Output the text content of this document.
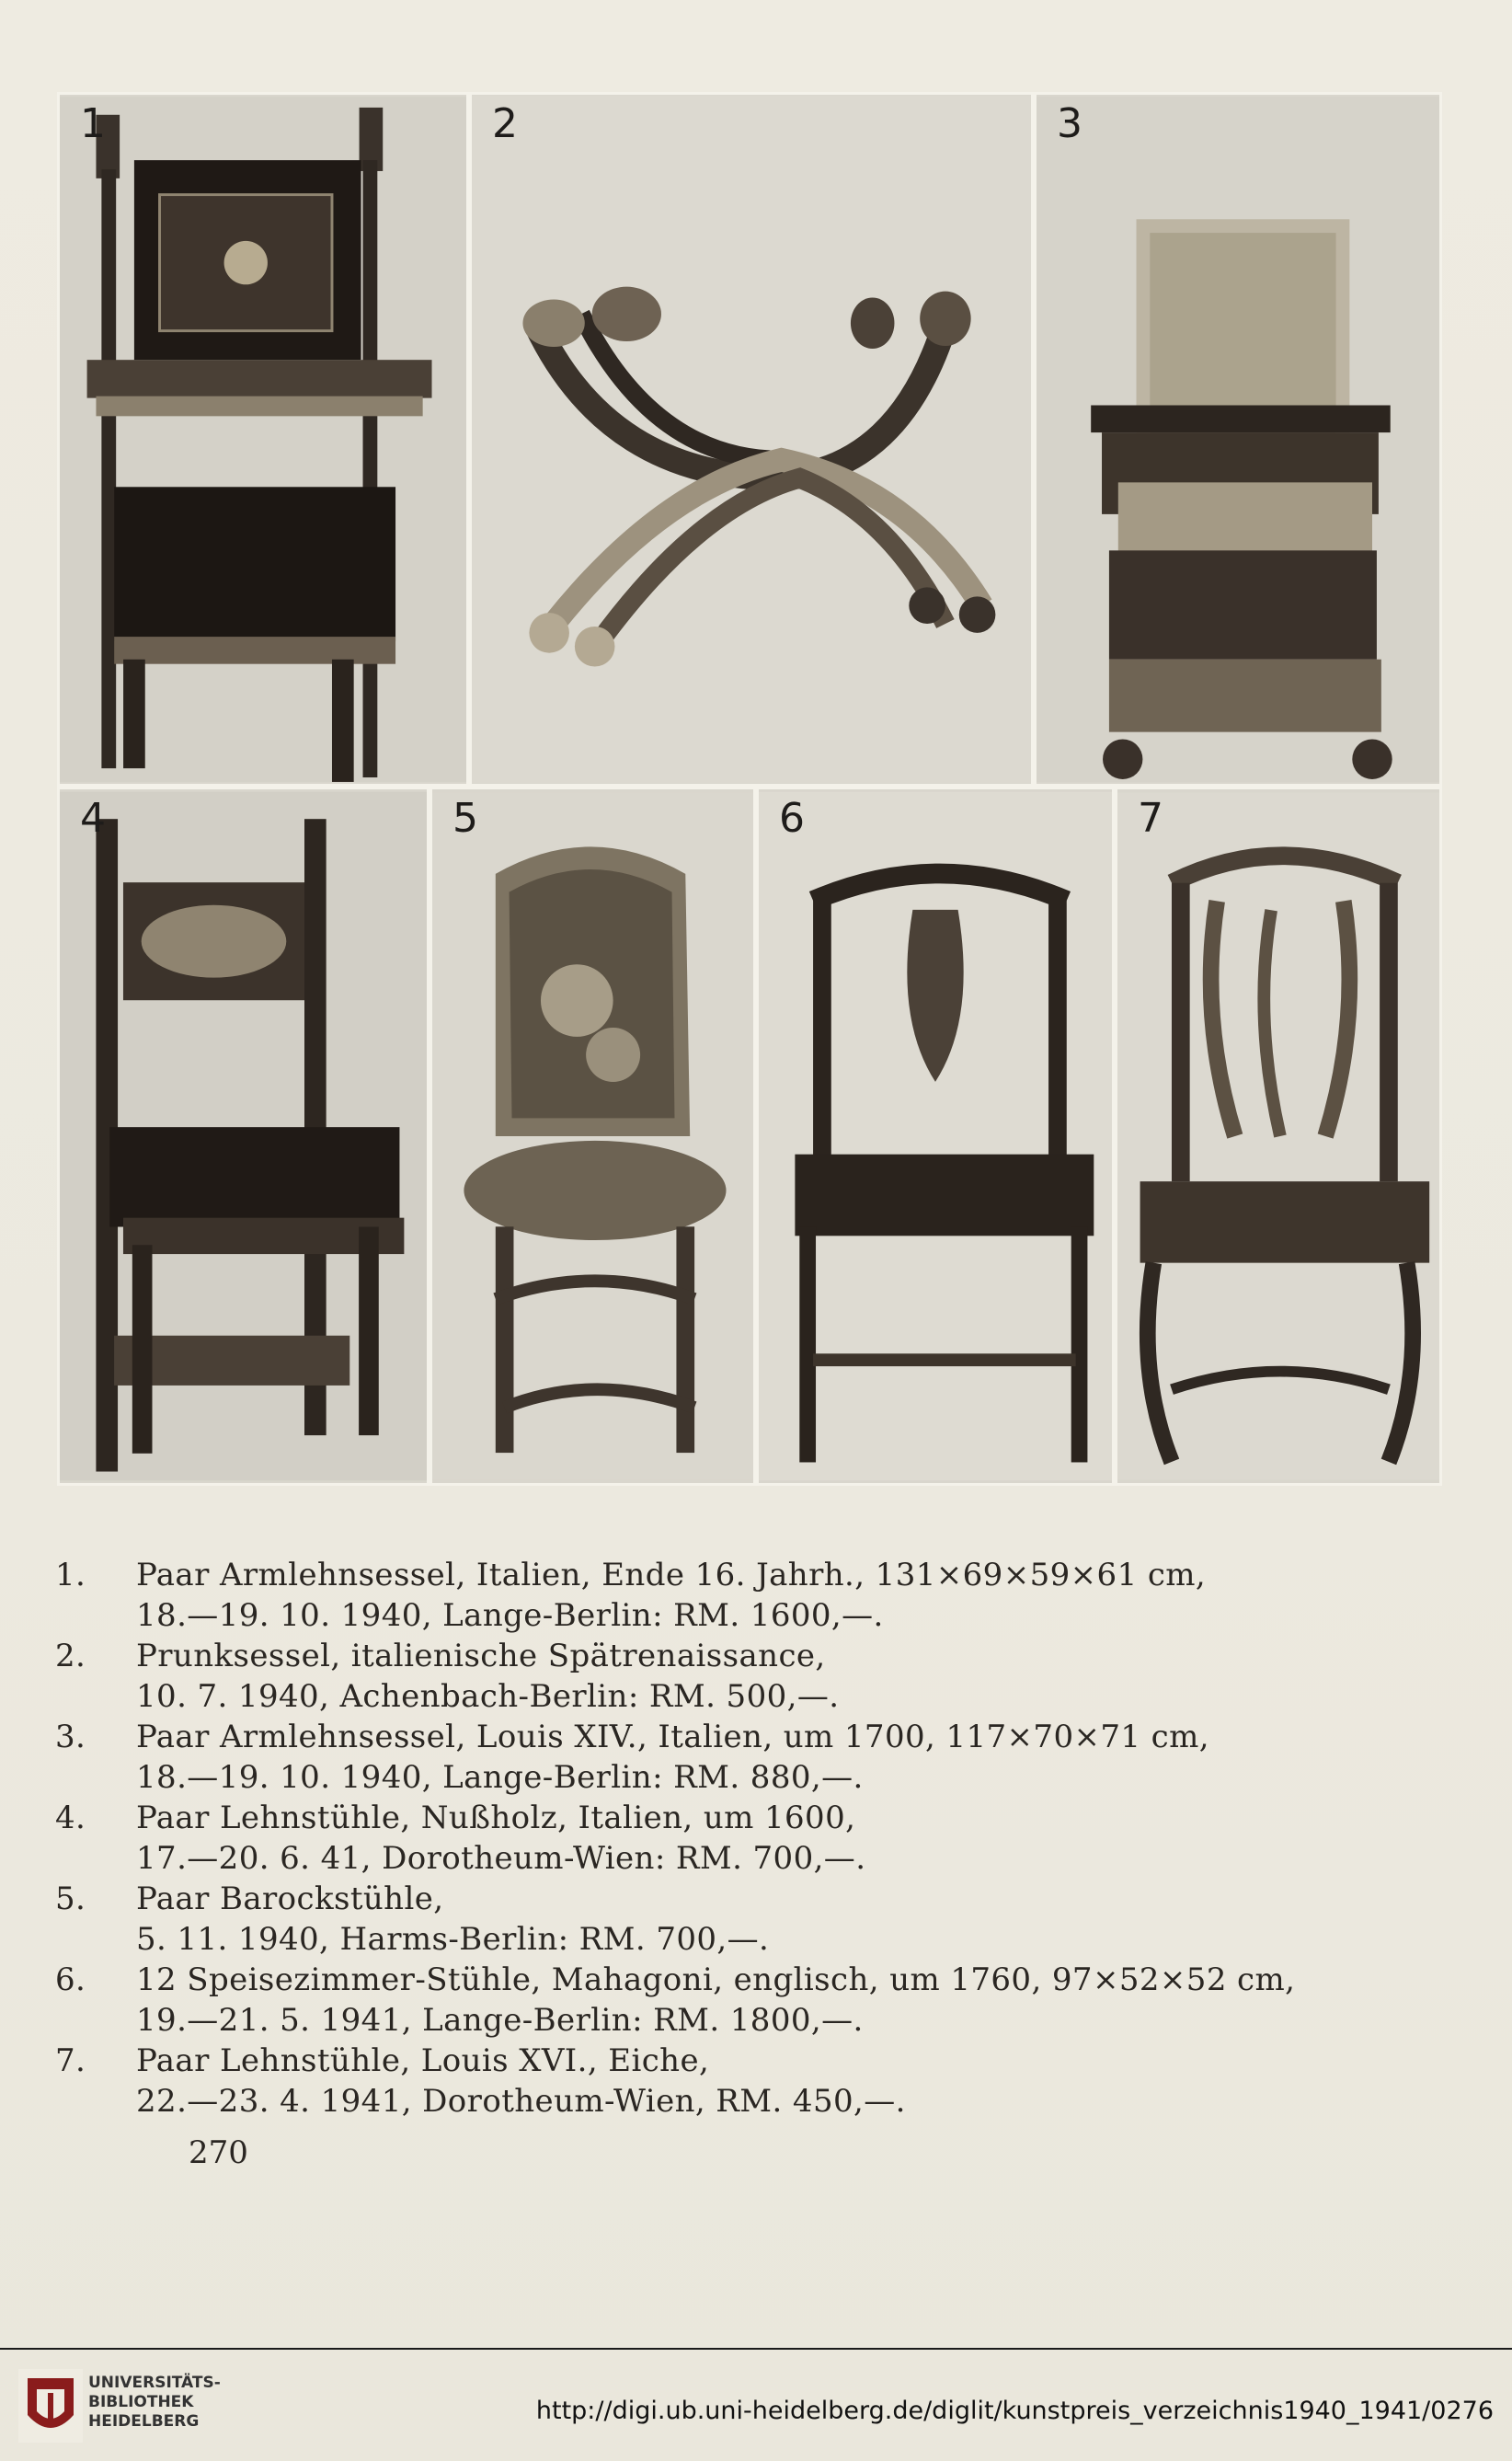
1	2	3
4	5	6	7
1.	Paar Armlehnsessel, Italien, Ende 16. Jahrh., 131×69×59×61 cm,
18.—19. 10. 1940, Lange-Berlin: RM. 1600,—.
2.	Prunksessel, italienische Spätrenaissance,
10. 7. 1940, Achenbach-Berlin: RM. 500,—.
3.	Paar Armlehnsessel, Louis XIV., Italien, um 1700, 117×70×71 cm,
18.—19. 10. 1940, Lange-Berlin: RM. 880,—.
4.	Paar Lehnstühle, Nußholz, Italien, um 1600,
17.—20. 6. 41, Dorotheum-Wien: RM. 700,—.
5.	Paar Barockstühle,
5. 11. 1940, Harms-Berlin: RM. 700,—.
6.	12 Speisezimmer-Stühle, Mahagoni, englisch, um 1760, 97×52×52 cm,
19.—21. 5. 1941, Lange-Berlin: RM. 1800,—.
7.	Paar Lehnstühle, Louis XVI., Eiche,
22.—23. 4. 1941, Dorotheum-Wien, RM. 450,—.
270
UNIVERSITÄTS-
BIBLIOTHEK
HEIDELBERG	http://digi.ub.uni-heidelberg.de/diglit/kunstpreis_verzeichnis1940_1941/0276
